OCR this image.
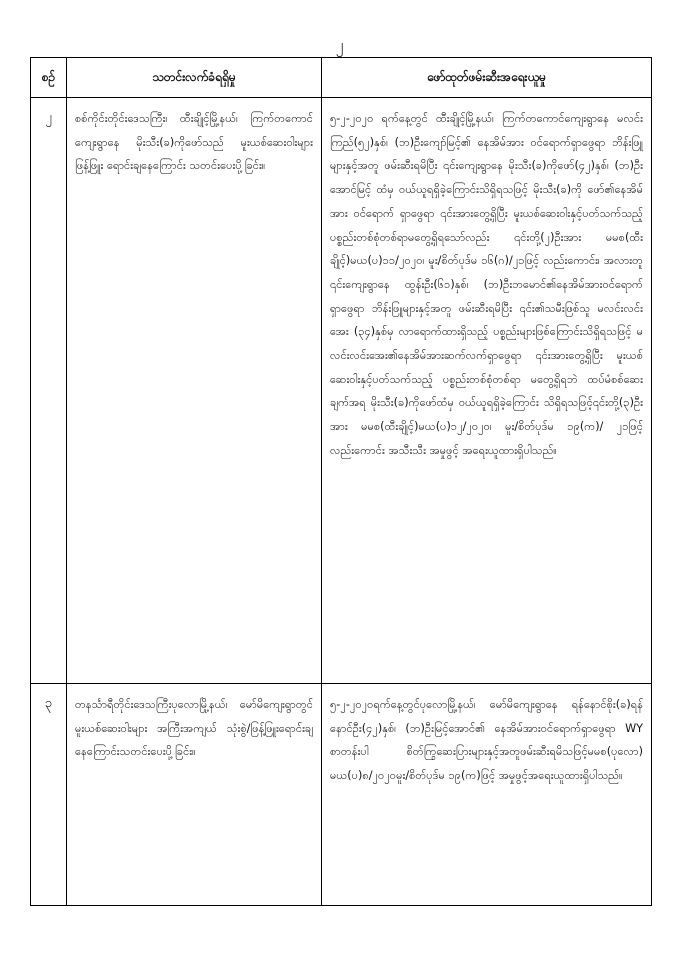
၂
စဉ်	သတင်းလက်ခံရရှိမှု	ဖော်ထုတ်ဖမ်းဆီးအရေးယူမှု
၂	စစ်ကိုင်းတိုင်းဒေသကြီး၊ ထီးချိုင့်မြို့နယ်၊ ကြက်တကောင်ကျေးရွာနေ မိုးသီး(ခ)ကိုဖော်သည် မူးယစ်ဆေးဝါးများ ဖြန့်ဖြူး ရောင်းချနေကြောင်း သတင်းပေးပို့ခြင်း။	၅-၂-၂၀၂၀ ရက်နေ့တွင် ထီးချိုင့်မြို့နယ်၊ ကြက်တကောင်ကျေးရွာနေ မလင်းကြည်(၅၂)နှစ်၊ (ဘ)ဦးကျော်မြင့်၏ နေအိမ်အား ဝင်ရောက်ရှာဖွေရာ ဘိန်းဖြူများနှင့်အတူ ဖမ်းဆီးရမိပြီး ၎င်းကျေးရွာနေ မိုးသီး(ခ)ကိုဖော်(၄၂)နှစ်၊ (ဘ)ဦးအောင်မြင့် ထံမှ ဝယ်ယူရရှိခဲ့ကြောင်းသိရှိရသဖြင့် မိုးသီး(ခ)ကို ဖော်၏နေအိမ်အား ဝင်ရောက် ရှာဖွေရာ ၎င်းအားတွေ့ရှိပြီး မူးယစ်ဆေးဝါးနှင့်ပတ်သက်သည့် ပစ္စည်းတစ်စုံတစ်ရာမတွေ့ရှိရသော်လည်း ၎င်းတို့(၂)ဦးအား မမစ(ထီးချိုင့်)မယ(ပ)၁၁/၂၀၂၀၊ မူး/စိတ်ပုဒ်မ ၁၆(ဂ)/၂၁ဖြင့် လည်းကောင်း၊ အလားတူ ၎င်းကျေးရွာနေ ထွန်းဦး(၆၁)နှစ်၊ (ဘ)ဦးဘမောင်၏နေအိမ်အားဝင်ရောက်ရှာဖွေရာ ဘိန်းဖြူများနှင့်အတူ ဖမ်းဆီးရမိပြီး ၎င်း၏သမီးဖြစ်သူ မလင်းလင်းအေး (၃၄)နှစ်မှ လာရောက်ထားရှိသည့် ပစ္စည်းများဖြစ်ကြောင်းသိရှိရသဖြင့် မလင်းလင်းအေး၏နေအိမ်အားဆက်လက်ရှာဖွေရာ ၎င်းအားတွေ့ရှိပြီး မူးယစ်ဆေးဝါးနှင့်ပတ်သက်သည့် ပစ္စည်းတစ်စုံတစ်ရာ မတွေ့ရှိရဘဲ ထပ်မံစစ်ဆေးချက်အရ မိုးသီး(ခ)ကိုဖော်ထံမှ ဝယ်ယူရရှိခဲ့ကြောင်း သိရှိရသဖြင့်၎င်းတို့(၃)ဦးအား မမစ(ထီးချိုင့်)မယ(ပ)၁၂/၂၀၂၀၊ မူး/စိတ်ပုဒ်မ ၁၉(က)/ ၂၁ဖြင့် လည်းကောင်း အသီးသီး အမှုဖွင့် အရေးယူထားရှိပါသည်။
၃	တနင်္သာရီတိုင်းဒေသကြီးပုလောမြို့နယ်၊ မော်မိကျေးရွာတွင် မူးယစ်ဆေးဝါးများ အကြီးအကျယ် သုံးစွဲ/ဖြန့်ဖြူးရောင်းချ နေကြောင်းသတင်းပေးပို့ခြင်း။	၅-၂-၂၀၂၀ရက်နေ့တွင်ပုလောမြို့နယ်၊ မော်မိကျေးရွာနေ ရန်နောင်စိုး(ခ)ရန်နောင်ဦး(၄၂)နှစ်၊ (ဘ)ဦးမြင့်အောင်၏ နေအိမ်အားဝင်ရောက်ရှာဖွေရာ WY စာတန်းပါ စိတ်ကြွဆေးပြားများနှင့်အတူဖမ်းဆီးရမိသဖြင့်မမစ(ပုလော) မယ(ပ)၈/၂၀၂၀မူး/စိတ်ပုဒ်မ ၁၉(က)ဖြင့် အမှုဖွင့်အရေးယူထားရှိပါသည်။
